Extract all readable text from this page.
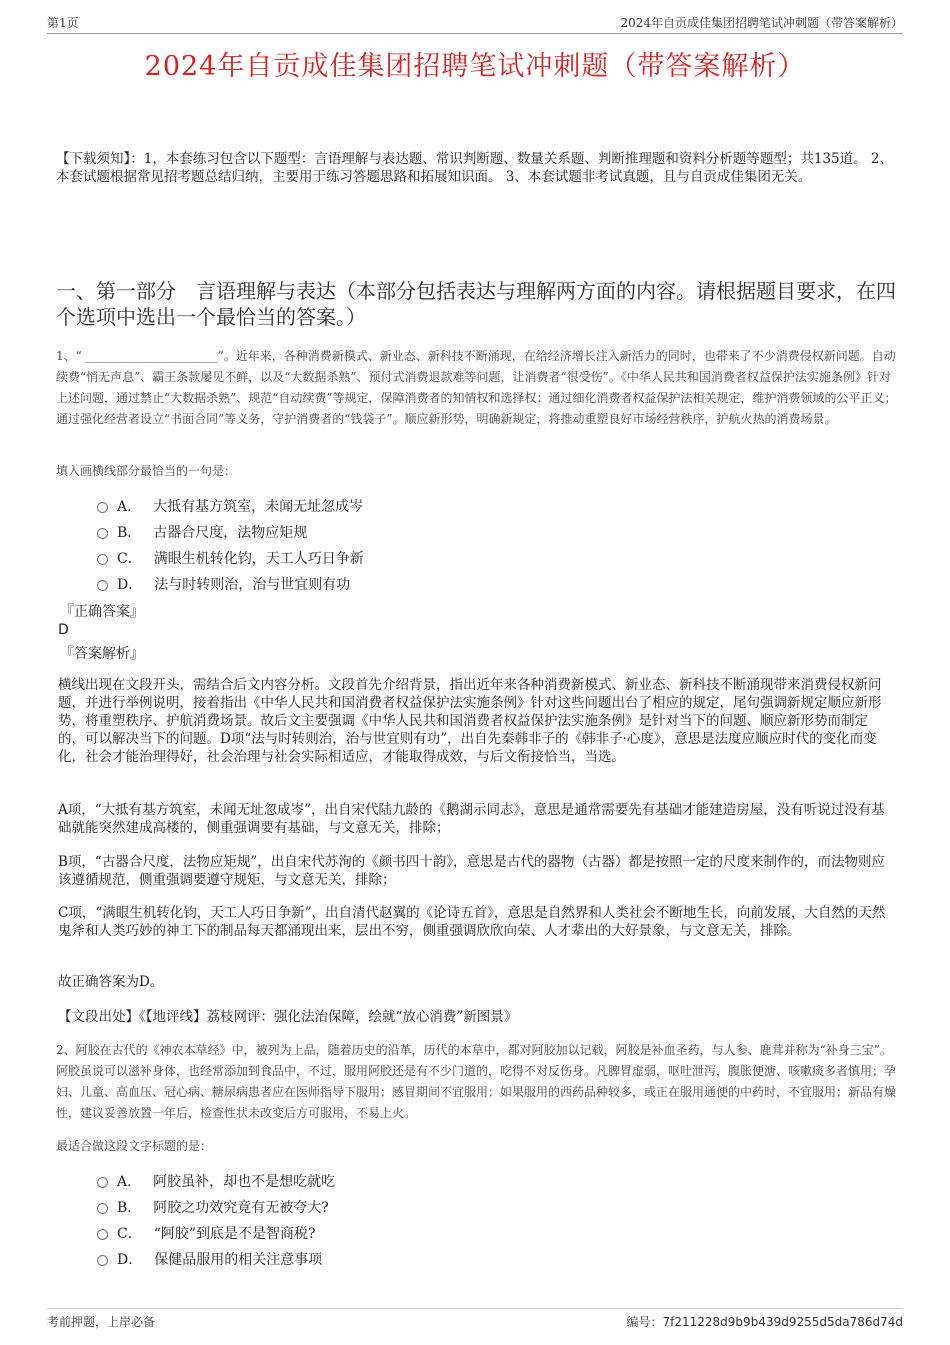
第1页	2024年自贡成佳集团招聘笔试冲刺题（带答案解析）
2024年自贡成佳集团招聘笔试冲刺题（带答案解析）
【下载须知】：1，本套练习包含以下题型：言语理解与表达题、常识判断题、数量关系题、判断推理题和资料分析题等题型；共135道。 2、本套试题根据常见招考题总结归纳，主要用于练习答题思路和拓展知识面。 3、本套试题非考试真题，且与自贡成佳集团无关。
一、第一部分　言语理解与表达（本部分包括表达与理解两方面的内容。请根据题目要求，在四个选项中选出一个最恰当的答案。）
1、“ ______________________”。近年来，各种消费新模式、新业态、新科技不断涌现，在给经济增长注入新活力的同时，也带来了不少消费侵权新问题。自动续费“悄无声息”、霸王条款屡见不鲜，以及“大数据杀熟”、预付式消费退款难等问题，让消费者“很受伤”。《中华人民共和国消费者权益保护法实施条例》针对上述问题，通过禁止“大数据杀熟”、规范“自动续费”等规定，保障消费者的知情权和选择权；通过细化消费者权益保护法相关规定，维护消费领域的公平正义；通过强化经营者设立“书面合同”等义务，守护消费者的“钱袋子”。顺应新形势，明确新规定，将推动重塑良好市场经营秩序，护航火热的消费场景。
填入画横线部分最恰当的一句是：
A． 大抵有基方筑室，未闻无址忽成岑
B． 古器合尺度，法物应矩规
C． 满眼生机转化钧，天工人巧日争新
D． 法与时转则治，治与世宜则有功
『正确答案』
D
『答案解析』
横线出现在文段开头，需结合后文内容分析。文段首先介绍背景，指出近年来各种消费新模式、新业态、新科技不断涌现带来消费侵权新问题，并进行举例说明，接着指出《中华人民共和国消费者权益保护法实施条例》针对这些问题出台了相应的规定，尾句强调新规定顺应新形势，将重塑秩序、护航消费场景。故后文主要强调《中华人民共和国消费者权益保护法实施条例》是针对当下的问题、顺应新形势而制定的，可以解决当下的问题。D项“法与时转则治，治与世宜则有功”，出自先秦韩非子的《韩非子·心度》，意思是法度应顺应时代的变化而变化，社会才能治理得好，社会治理与社会实际相适应，才能取得成效，与后文衔接恰当，当选。
A项，“大抵有基方筑室，未闻无址忽成岑”，出自宋代陆九龄的《鹅湖示同志》，意思是通常需要先有基础才能建造房屋，没有听说过没有基础就能突然建成高楼的，侧重强调要有基础，与文意无关，排除；
B项，“古器合尺度，法物应矩规”，出自宋代苏洵的《颜书四十韵》，意思是古代的器物（古器）都是按照一定的尺度来制作的，而法物则应该遵循规范，侧重强调要遵守规矩，与文意无关，排除；
C项，“满眼生机转化钧，天工人巧日争新”，出自清代赵翼的《论诗五首》，意思是自然界和人类社会不断地生长，向前发展，大自然的天然鬼斧和人类巧妙的神工下的制品每天都涌现出来，层出不穷，侧重强调欣欣向荣、人才辈出的大好景象，与文意无关，排除。
故正确答案为D。
【文段出处】《【地评线】荔枝网评：强化法治保障，绘就“放心消费”新图景》
2、阿胶在古代的《神农本草经》中，被列为上品，随着历史的沿革，历代的本草中，都对阿胶加以记载，阿胶是补血圣药，与人参、鹿茸并称为“补身三宝”。阿胶虽说可以滋补身体，也经常添加到食品中，不过，服用阿胶还是有不少门道的，吃得不对反伤身。凡脾胃虚弱，呕吐泄泻，腹胀便溏、咳嗽痰多者慎用；孕妇、儿童、高血压、冠心病、糖尿病患者应在医师指导下服用；感冒期间不宜服用；如果服用的西药品种较多，或正在服用通便的中药时，不宜服用；新品有燥性，建议妥善放置一年后，检查性状未改变后方可服用，不易上火。
最适合做这段文字标题的是：
A． 阿胶虽补，却也不是想吃就吃
B． 阿胶之功效究竟有无被夸大?
C． “阿胶”到底是不是智商税?
D． 保健品服用的相关注意事项
考前押题，上岸必备	编号：7f211228d9b9b439d9255d5da786d74d
